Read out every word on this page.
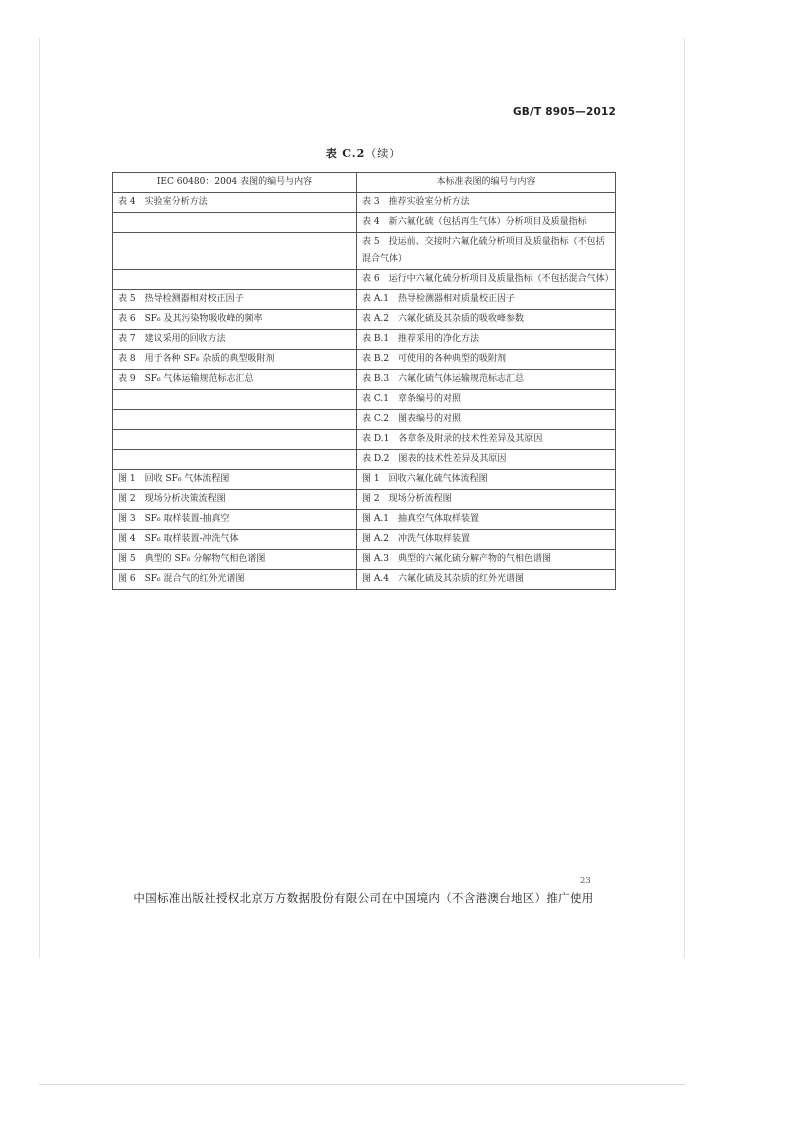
GB/T 8905—2012
表 C.2（续）
IEC 60480：2004 表图的编号与内容	本标准表图的编号与内容
表 4　实验室分析方法	表 3　推荐实验室分析方法
	表 4　新六氟化硫（包括再生气体）分析项目及质量指标
	表 5　投运前、交接时六氟化硫分析项目及质量指标（不包括混合气体）
	表 6　运行中六氟化硫分析项目及质量指标（不包括混合气体）
表 5　热导检测器相对校正因子	表 A.1　热导检测器相对质量校正因子
表 6　SF₆ 及其污染物吸收峰的频率	表 A.2　六氟化硫及其杂质的吸收峰参数
表 7　建议采用的回收方法	表 B.1　推荐采用的净化方法
表 8　用于各种 SF₆ 杂质的典型吸附剂	表 B.2　可使用的各种典型的吸附剂
表 9　SF₆ 气体运输规范标志汇总	表 B.3　六氟化硫气体运输规范标志汇总
	表 C.1　章条编号的对照
	表 C.2　图表编号的对照
	表 D.1　各章条及附录的技术性差异及其原因
	表 D.2　图表的技术性差异及其原因
图 1　回收 SF₆ 气体流程图	图 1　回收六氟化硫气体流程图
图 2　现场分析决策流程图	图 2　现场分析流程图
图 3　SF₆ 取样装置-抽真空	图 A.1　抽真空气体取样装置
图 4　SF₆ 取样装置-冲洗气体	图 A.2　冲洗气体取样装置
图 5　典型的 SF₆ 分解物气相色谱图	图 A.3　典型的六氟化硫分解产物的气相色谱图
图 6　SF₆ 混合气的红外光谱图	图 A.4　六氟化硫及其杂质的红外光谱图
23
中国标准出版社授权北京万方数据股份有限公司在中国境内（不含港澳台地区）推广使用
